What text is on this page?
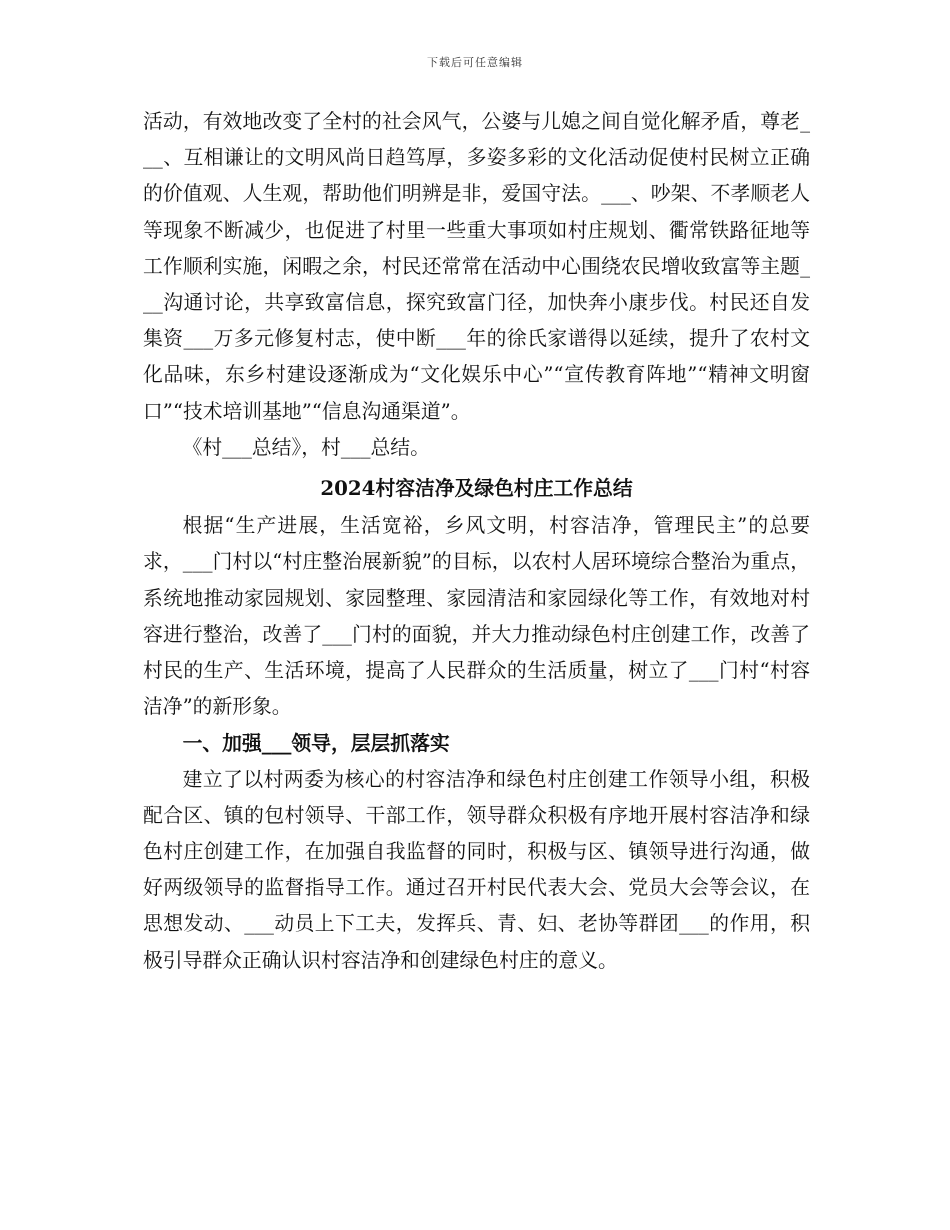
下载后可任意编辑

活动，有效地改变了全村的社会风气，公婆与儿媳之间自觉化解矛盾，尊老___、互相谦让的文明风尚日趋笃厚，多姿多彩的文化活动促使村民树立正确的价值观、人生观，帮助他们明辨是非，爱国守法。___、吵架、不孝顺老人等现象不断减少，也促进了村里一些重大事项如村庄规划、衢常铁路征地等工作顺利实施，闲暇之余，村民还常常在活动中心围绕农民增收致富等主题___沟通讨论，共享致富信息，探究致富门径，加快奔小康步伐。村民还自发集资___万多元修复村志，使中断___年的徐氏家谱得以延续，提升了农村文化品味，东乡村建设逐渐成为“文化娱乐中心”“宣传教育阵地”“精神文明窗口”“技术培训基地”“信息沟通渠道”。

《村___总结》，村___总结。

2024村容洁净及绿色村庄工作总结

根据“生产进展，生活宽裕，乡风文明，村容洁净，管理民主”的总要求，___门村以“村庄整治展新貌”的目标，以农村人居环境综合整治为重点，系统地推动家园规划、家园整理、家园清洁和家园绿化等工作，有效地对村容进行整治，改善了___门村的面貌，并大力推动绿色村庄创建工作，改善了村民的生产、生活环境，提高了人民群众的生活质量，树立了___门村“村容洁净”的新形象。

一、加强___领导，层层抓落实

建立了以村两委为核心的村容洁净和绿色村庄创建工作领导小组，积极配合区、镇的包村领导、干部工作，领导群众积极有序地开展村容洁净和绿色村庄创建工作，在加强自我监督的同时，积极与区、镇领导进行沟通，做好两级领导的监督指导工作。通过召开村民代表大会、党员大会等会议，在思想发动、___动员上下工夫，发挥兵、青、妇、老协等群团___的作用，积极引导群众正确认识村容洁净和创建绿色村庄的意义。
